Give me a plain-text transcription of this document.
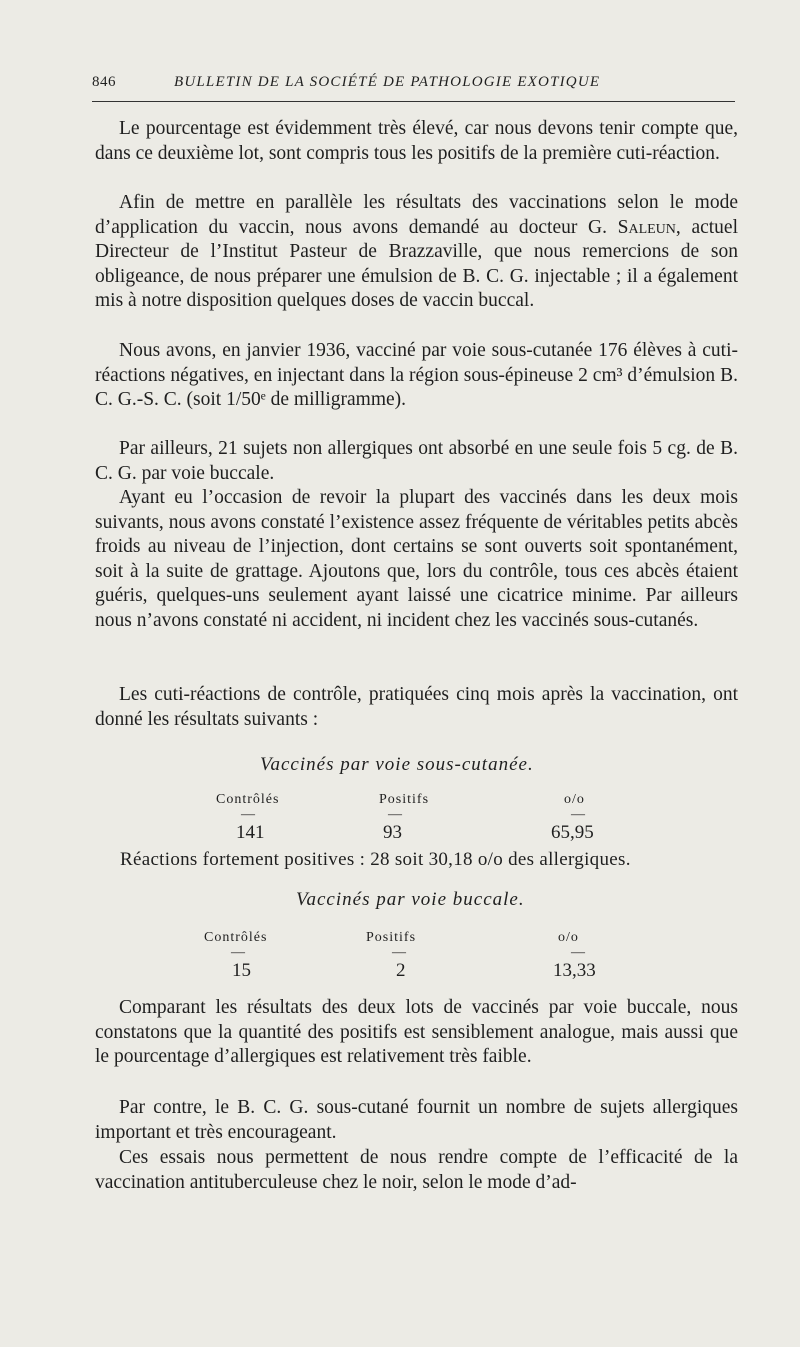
846	BULLETIN DE LA SOCIÉTÉ DE PATHOLOGIE EXOTIQUE
Le pourcentage est évidemment très élevé, car nous devons tenir compte que, dans ce deuxième lot, sont compris tous les positifs de la première cuti-réaction.
Afin de mettre en parallèle les résultats des vaccinations selon le mode d’application du vaccin, nous avons demandé au docteur G. Saleun, actuel Directeur de l’Institut Pasteur de Brazzaville, que nous remercions de son obligeance, de nous préparer une émulsion de B. C. G. injectable ; il a également mis à notre disposition quelques doses de vaccin buccal.
Nous avons, en janvier 1936, vacciné par voie sous-cutanée 176 élèves à cuti-réactions négatives, en injectant dans la région sous-épineuse 2 cm³ d’émulsion B. C. G.-S. C. (soit 1/50ᵉ de milligramme).
Par ailleurs, 21 sujets non allergiques ont absorbé en une seule fois 5 cg. de B. C. G. par voie buccale.
Ayant eu l’occasion de revoir la plupart des vaccinés dans les deux mois suivants, nous avons constaté l’existence assez fréquente de véritables petits abcès froids au niveau de l’injection, dont certains se sont ouverts soit spontanément, soit à la suite de grattage. Ajoutons que, lors du contrôle, tous ces abcès étaient guéris, quelques-uns seulement ayant laissé une cicatrice minime. Par ailleurs nous n’avons constaté ni accident, ni incident chez les vaccinés sous-cutanés.
Les cuti-réactions de contrôle, pratiquées cinq mois après la vaccination, ont donné les résultats suivants :
Vaccinés par voie sous-cutanée.
Contrôlés	Positifs	o/o
—	—	—
141	93	65,95
Réactions fortement positives : 28 soit 30,18 o/o des allergiques.
Vaccinés par voie buccale.
Contrôlés	Positifs	o/o
—	—	—
15	2	13,33
Comparant les résultats des deux lots de vaccinés par voie buccale, nous constatons que la quantité des positifs est sensiblement analogue, mais aussi que le pourcentage d’allergiques est relativement très faible.
Par contre, le B. C. G. sous-cutané fournit un nombre de sujets allergiques important et très encourageant.
Ces essais nous permettent de nous rendre compte de l’efficacité de la vaccination antituberculeuse chez le noir, selon le mode d’ad-
